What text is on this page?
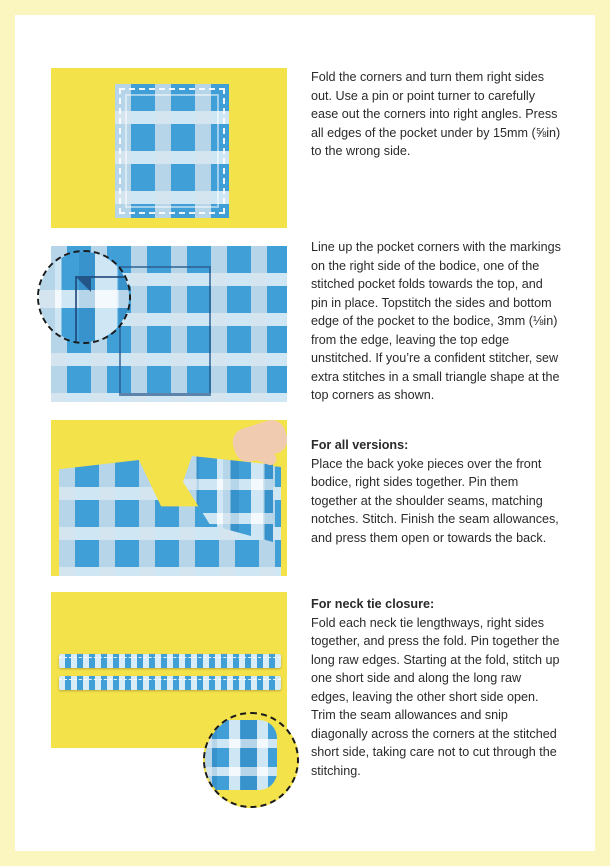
Fold the corners and turn them right sides out. Use a pin or point turner to carefully ease out the corners into right angles. Press all edges of the pocket under by 15mm (⅝in) to the wrong side.

Line up the pocket corners with the markings on the right side of the bodice, one of the stitched pocket folds towards the top, and pin in place. Topstitch the sides and bottom edge of the pocket to the bodice, 3mm (⅛in) from the edge, leaving the top edge unstitched. If you’re a confident stitcher, sew extra stitches in a small triangle shape at the top corners as shown.

For all versions:

Place the back yoke pieces over the front bodice, right sides together. Pin them together at the shoulder seams, matching notches. Stitch. Finish the seam allowances, and press them open or towards the back.

For neck tie closure:

Fold each neck tie lengthways, right sides together, and press the fold. Pin together the long raw edges. Starting at the fold, stitch up one short side and along the long raw edges, leaving the other short side open. Trim the seam allowances and snip diagonally across the corners at the stitched short side, taking care not to cut through the stitching.
